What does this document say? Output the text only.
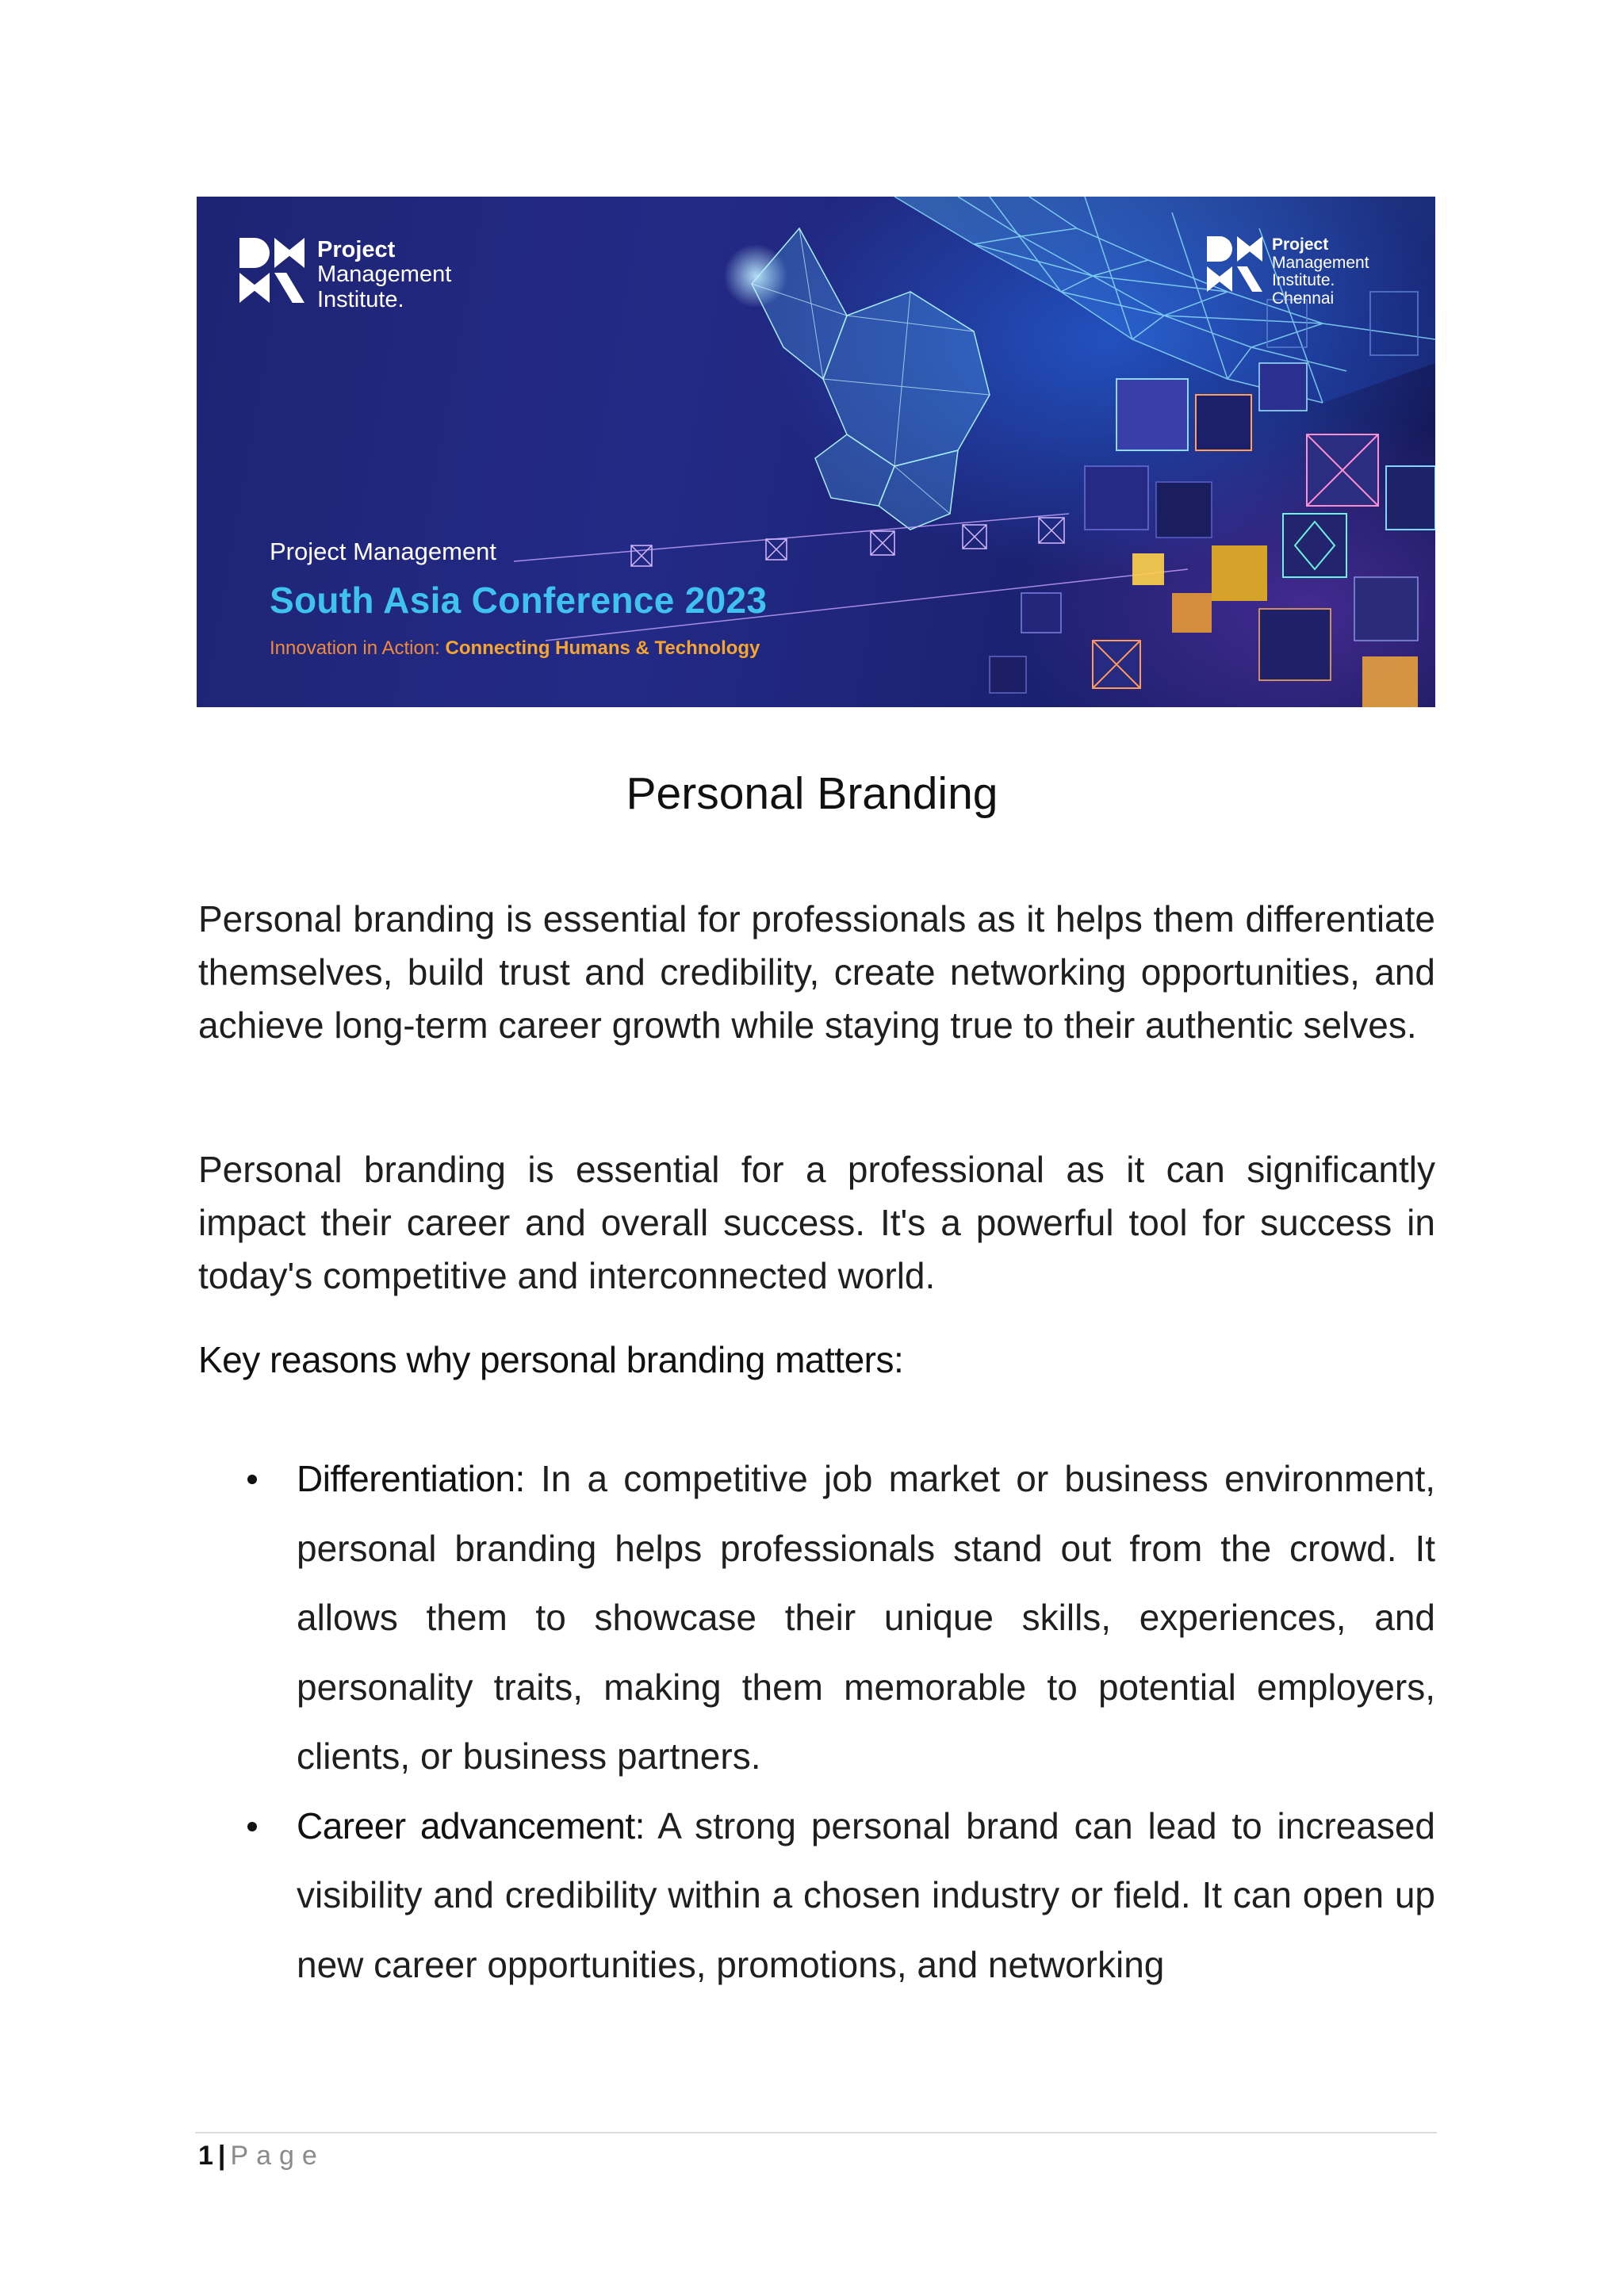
Project
Management
Institute.
Project
Management
Institute.
Chennai
Project Management
South Asia Conference 2023
Innovation in Action: Connecting Humans & Technology
Personal Branding

Personal branding is essential for professionals as it helps them differentiate themselves, build trust and credibility, create networking opportunities, and achieve long-term career growth while staying true to their authentic selves.

Personal branding is essential for a professional as it can significantly impact their career and overall success. It's a powerful tool for success in today's competitive and interconnected world.

Key reasons why personal branding matters:
Differentiation: In a competitive job market or business environment, personal branding helps professionals stand out from the crowd. It allows them to showcase their unique skills, experiences, and personality traits, making them memorable to potential employers, clients, or business partners.
Career advancement: A strong personal brand can lead to increased visibility and credibility within a chosen industry or field. It can open up new career opportunities, promotions, and networking
1 | Page
